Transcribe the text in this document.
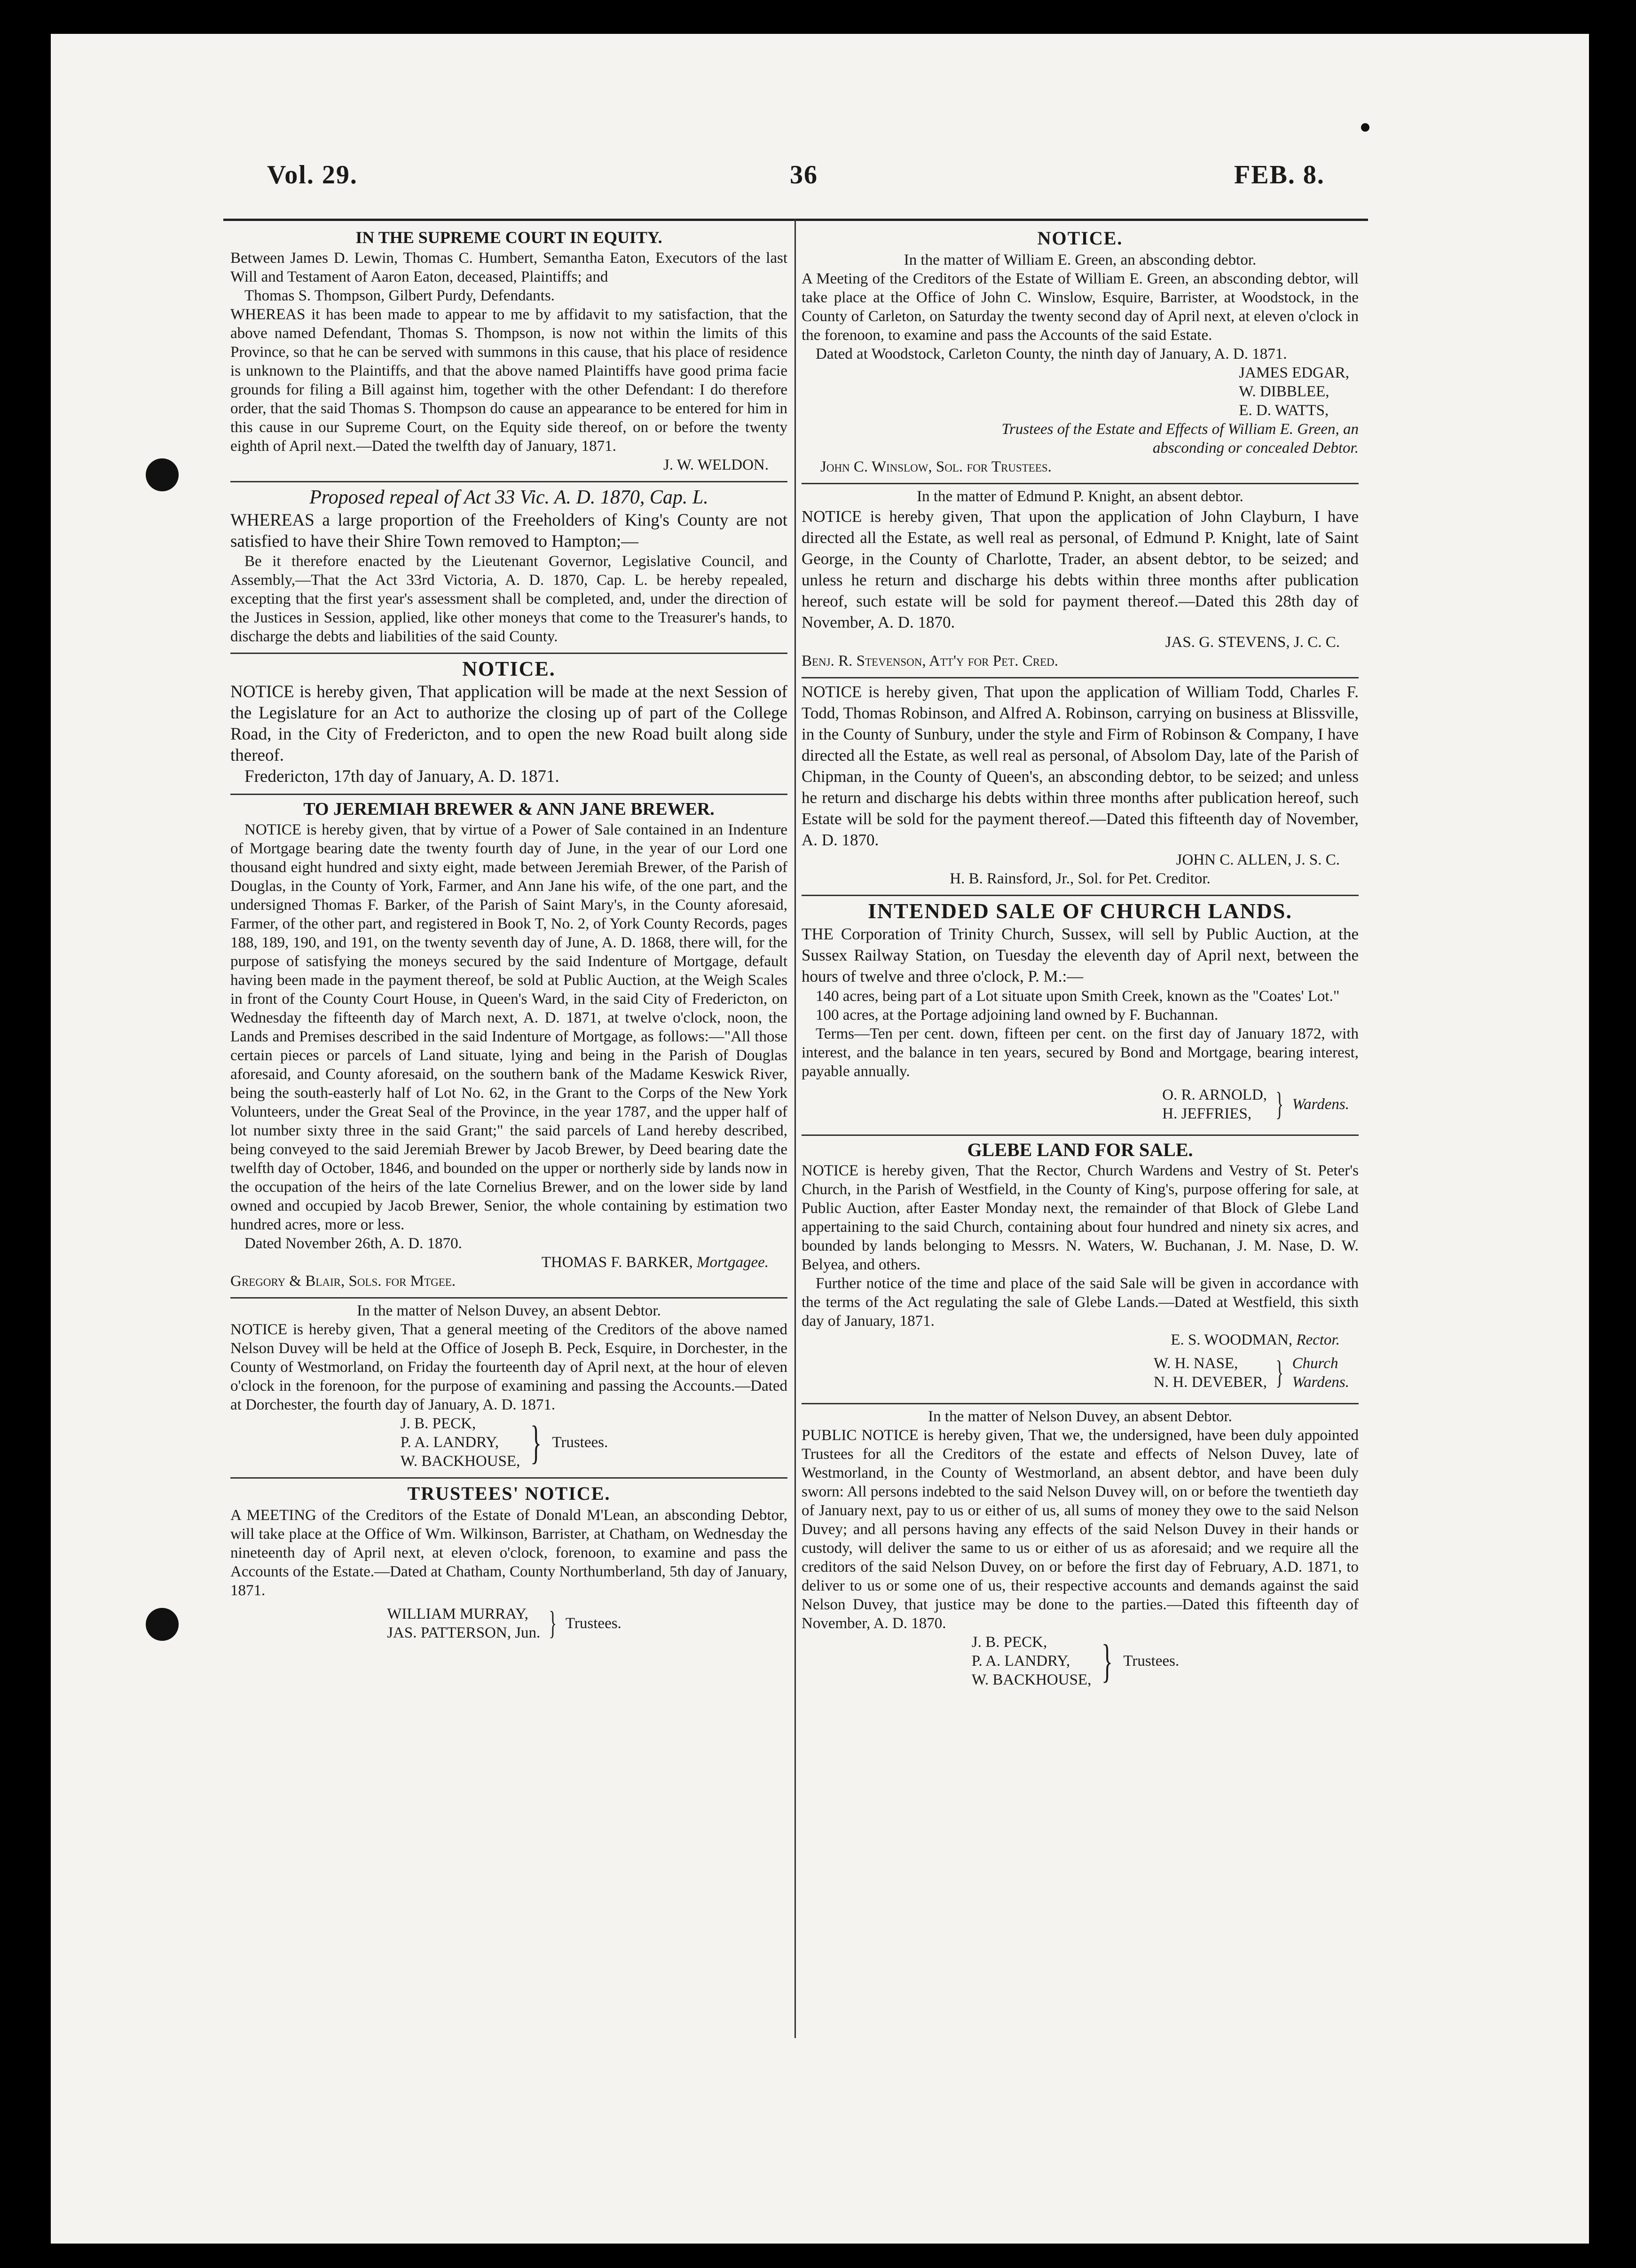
Vol. 29.	36	FEB. 8.
IN THE SUPREME COURT IN EQUITY.

Between James D. Lewin, Thomas C. Humbert, Semantha Eaton, Executors of the last Will and Testament of Aaron Eaton, deceased, Plaintiffs; and

Thomas S. Thompson, Gilbert Purdy, Defendants.

WHEREAS it has been made to appear to me by affidavit to my satisfaction, that the above named Defendant, Thomas S. Thompson, is now not within the limits of this Province, so that he can be served with summons in this cause, that his place of residence is unknown to the Plaintiffs, and that the above named Plaintiffs have good prima facie grounds for filing a Bill against him, together with the other Defendant: I do therefore order, that the said Thomas S. Thompson do cause an appearance to be entered for him in this cause in our Supreme Court, on the Equity side thereof, on or before the twenty eighth of April next.—Dated the twelfth day of January, 1871.

J. W. WELDON.
Proposed repeal of Act 33 Vic. A. D. 1870, Cap. L.

WHEREAS a large proportion of the Freeholders of King's County are not satisfied to have their Shire Town removed to Hampton;—

Be it therefore enacted by the Lieutenant Governor, Legislative Council, and Assembly,—That the Act 33rd Victoria, A. D. 1870, Cap. L. be hereby repealed, excepting that the first year's assessment shall be completed, and, under the direction of the Justices in Session, applied, like other moneys that come to the Treasurer's hands, to discharge the debts and liabilities of the said County.

NOTICE.

NOTICE is hereby given, That application will be made at the next Session of the Legislature for an Act to authorize the closing up of part of the College Road, in the City of Fredericton, and to open the new Road built along side thereof.

Fredericton, 17th day of January, A. D. 1871.

TO JEREMIAH BREWER & ANN JANE BREWER.

NOTICE is hereby given, that by virtue of a Power of Sale contained in an Indenture of Mortgage bearing date the twenty fourth day of June, in the year of our Lord one thousand eight hundred and sixty eight, made between Jeremiah Brewer, of the Parish of Douglas, in the County of York, Farmer, and Ann Jane his wife, of the one part, and the undersigned Thomas F. Barker, of the Parish of Saint Mary's, in the County aforesaid, Farmer, of the other part, and registered in Book T, No. 2, of York County Records, pages 188, 189, 190, and 191, on the twenty seventh day of June, A. D. 1868, there will, for the purpose of satisfying the moneys secured by the said Indenture of Mortgage, default having been made in the payment thereof, be sold at Public Auction, at the Weigh Scales in front of the County Court House, in Queen's Ward, in the said City of Fredericton, on Wednesday the fifteenth day of March next, A. D. 1871, at twelve o'clock, noon, the Lands and Premises described in the said Indenture of Mortgage, as follows:—"All those certain pieces or parcels of Land situate, lying and being in the Parish of Douglas aforesaid, and County aforesaid, on the southern bank of the Madame Keswick River, being the south-easterly half of Lot No. 62, in the Grant to the Corps of the New York Volunteers, under the Great Seal of the Province, in the year 1787, and the upper half of lot number sixty three in the said Grant;" the said parcels of Land hereby described, being conveyed to the said Jeremiah Brewer by Jacob Brewer, by Deed bearing date the twelfth day of October, 1846, and bounded on the upper or northerly side by lands now in the occupation of the heirs of the late Cornelius Brewer, and on the lower side by land owned and occupied by Jacob Brewer, Senior, the whole containing by estimation two hundred acres, more or less.

Dated November 26th, A. D. 1870.

THOMAS F. BARKER, Mortgagee.
Gregory & Blair, Sols. for Mtgee.
In the matter of Nelson Duvey, an absent Debtor.

NOTICE is hereby given, That a general meeting of the Creditors of the above named Nelson Duvey will be held at the Office of Joseph B. Peck, Esquire, in Dorchester, in the County of Westmorland, on Friday the fourteenth day of April next, at the hour of eleven o'clock in the forenoon, for the purpose of examining and passing the Accounts.—Dated at Dorchester, the fourth day of January, A. D. 1871.

J. B. PECK,
P. A. LANDRY,
W. BACKHOUSE, } Trustees.
TRUSTEES' NOTICE.

A MEETING of the Creditors of the Estate of Donald M'Lean, an absconding Debtor, will take place at the Office of Wm. Wilkinson, Barrister, at Chatham, on Wednesday the nineteenth day of April next, at eleven o'clock, forenoon, to examine and pass the Accounts of the Estate.—Dated at Chatham, County Northumberland, 5th day of January, 1871.

WILLIAM MURRAY,
JAS. PATTERSON, Jun. } Trustees.
NOTICE.
In the matter of William E. Green, an absconding debtor.

A Meeting of the Creditors of the Estate of William E. Green, an absconding debtor, will take place at the Office of John C. Winslow, Esquire, Barrister, at Woodstock, in the County of Carleton, on Saturday the twenty second day of April next, at eleven o'clock in the forenoon, to examine and pass the Accounts of the said Estate.

Dated at Woodstock, Carleton County, the ninth day of January, A. D. 1871.

JAMES EDGAR,
W. DIBBLEE,
E. D. WATTS,
Trustees of the Estate and Effects of William E. Green, an absconding or concealed Debtor.
John C. Winslow, Sol. for Trustees.
In the matter of Edmund P. Knight, an absent debtor.

NOTICE is hereby given, That upon the application of John Clayburn, I have directed all the Estate, as well real as personal, of Edmund P. Knight, late of Saint George, in the County of Charlotte, Trader, an absent debtor, to be seized; and unless he return and discharge his debts within three months after publication hereof, such estate will be sold for payment thereof.—Dated this 28th day of November, A. D. 1870.

JAS. G. STEVENS, J. C. C.
Benj. R. Stevenson, Att'y for Pet. Cred.

NOTICE is hereby given, That upon the application of William Todd, Charles F. Todd, Thomas Robinson, and Alfred A. Robinson, carrying on business at Blissville, in the County of Sunbury, under the style and Firm of Robinson & Company, I have directed all the Estate, as well real as personal, of Absolom Day, late of the Parish of Chipman, in the County of Queen's, an absconding debtor, to be seized; and unless he return and discharge his debts within three months after publication hereof, such Estate will be sold for the payment thereof.—Dated this fifteenth day of November, A. D. 1870.

JOHN C. ALLEN, J. S. C.
H. B. Rainsford, Jr., Sol. for Pet. Creditor.
INTENDED SALE OF CHURCH LANDS.

THE Corporation of Trinity Church, Sussex, will sell by Public Auction, at the Sussex Railway Station, on Tuesday the eleventh day of April next, between the hours of twelve and three o'clock, P. M.:—

140 acres, being part of a Lot situate upon Smith Creek, known as the "Coates' Lot."

100 acres, at the Portage adjoining land owned by F. Buchannan.

Terms—Ten per cent. down, fifteen per cent. on the first day of January 1872, with interest, and the balance in ten years, secured by Bond and Mortgage, bearing interest, payable annually.

O. R. ARNOLD,
H. JEFFRIES, } Wardens.
GLEBE LAND FOR SALE.

NOTICE is hereby given, That the Rector, Church Wardens and Vestry of St. Peter's Church, in the Parish of Westfield, in the County of King's, purpose offering for sale, at Public Auction, after Easter Monday next, the remainder of that Block of Glebe Land appertaining to the said Church, containing about four hundred and ninety six acres, and bounded by lands belonging to Messrs. N. Waters, W. Buchanan, J. M. Nase, D. W. Belyea, and others.

Further notice of the time and place of the said Sale will be given in accordance with the terms of the Act regulating the sale of Glebe Lands.—Dated at Westfield, this sixth day of January, 1871.

E. S. WOODMAN, Rector.
W. H. NASE,
N. H. DEVEBER, } Church
Wardens.
In the matter of Nelson Duvey, an absent Debtor.

PUBLIC NOTICE is hereby given, That we, the undersigned, have been duly appointed Trustees for all the Creditors of the estate and effects of Nelson Duvey, late of Westmorland, in the County of Westmorland, an absent debtor, and have been duly sworn: All persons indebted to the said Nelson Duvey will, on or before the twentieth day of January next, pay to us or either of us, all sums of money they owe to the said Nelson Duvey; and all persons having any effects of the said Nelson Duvey in their hands or custody, will deliver the same to us or either of us as aforesaid; and we require all the creditors of the said Nelson Duvey, on or before the first day of February, A.D. 1871, to deliver to us or some one of us, their respective accounts and demands against the said Nelson Duvey, that justice may be done to the parties.—Dated this fifteenth day of November, A. D. 1870.

J. B. PECK,
P. A. LANDRY,
W. BACKHOUSE, } Trustees.
